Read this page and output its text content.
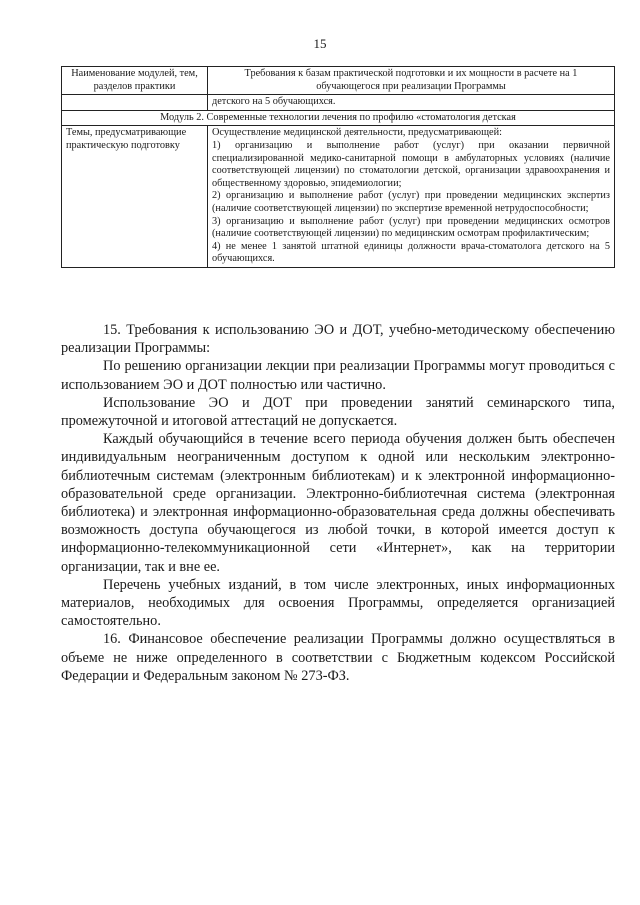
15
Наименование модулей, тем, разделов практики	Требования к базам практической подготовки и их мощности в расчете на 1 обучающегося при реализации Программы
	детского на 5 обучающихся.
Модуль 2. Современные технологии лечения по профилю «стоматология детская	
Темы, предусматривающие практическую подготовку	Осуществление медицинской деятельности, предусматривающей:

1) организацию и выполнение работ (услуг) при оказании первичной специализированной медико-санитарной помощи в амбулаторных условиях (наличие соответствующей лицензии) по стоматологии детской, организации здравоохранения и общественному здоровью, эпидемиологии;

2) организацию и выполнение работ (услуг) при проведении медицинских экспертиз (наличие соответствующей лицензии) по экспертизе временной нетрудоспособности;

3) организацию и выполнение работ (услуг) при проведении медицинских осмотров (наличие соответствующей лицензии) по медицинским осмотрам профилактическим;

4) не менее 1 занятой штатной единицы должности врача-стоматолога детского на 5 обучающихся.

15. Требования к использованию ЭО и ДОТ, учебно-методическому обеспечению реализации Программы:

По решению организации лекции при реализации Программы могут проводиться с использованием ЭО и ДОТ полностью или частично.

Использование ЭО и ДОТ при проведении занятий семинарского типа, промежуточной и итоговой аттестаций не допускается.

Каждый обучающийся в течение всего периода обучения должен быть обеспечен индивидуальным неограниченным доступом к одной или нескольким электронно-библиотечным системам (электронным библиотекам) и к электронной информационно-образовательной среде организации. Электронно-библиотечная система (электронная библиотека) и электронная информационно-образовательная среда должны обеспечивать возможность доступа обучающегося из любой точки, в которой имеется доступ к информационно-телекоммуникационной сети «Интернет», как на территории организации, так и вне ее.

Перечень учебных изданий, в том числе электронных, иных информационных материалов, необходимых для освоения Программы, определяется организацией самостоятельно.

16. Финансовое обеспечение реализации Программы должно осуществляться в объеме не ниже определенного в соответствии с Бюджетным кодексом Российской Федерации и Федеральным законом № 273-ФЗ.
